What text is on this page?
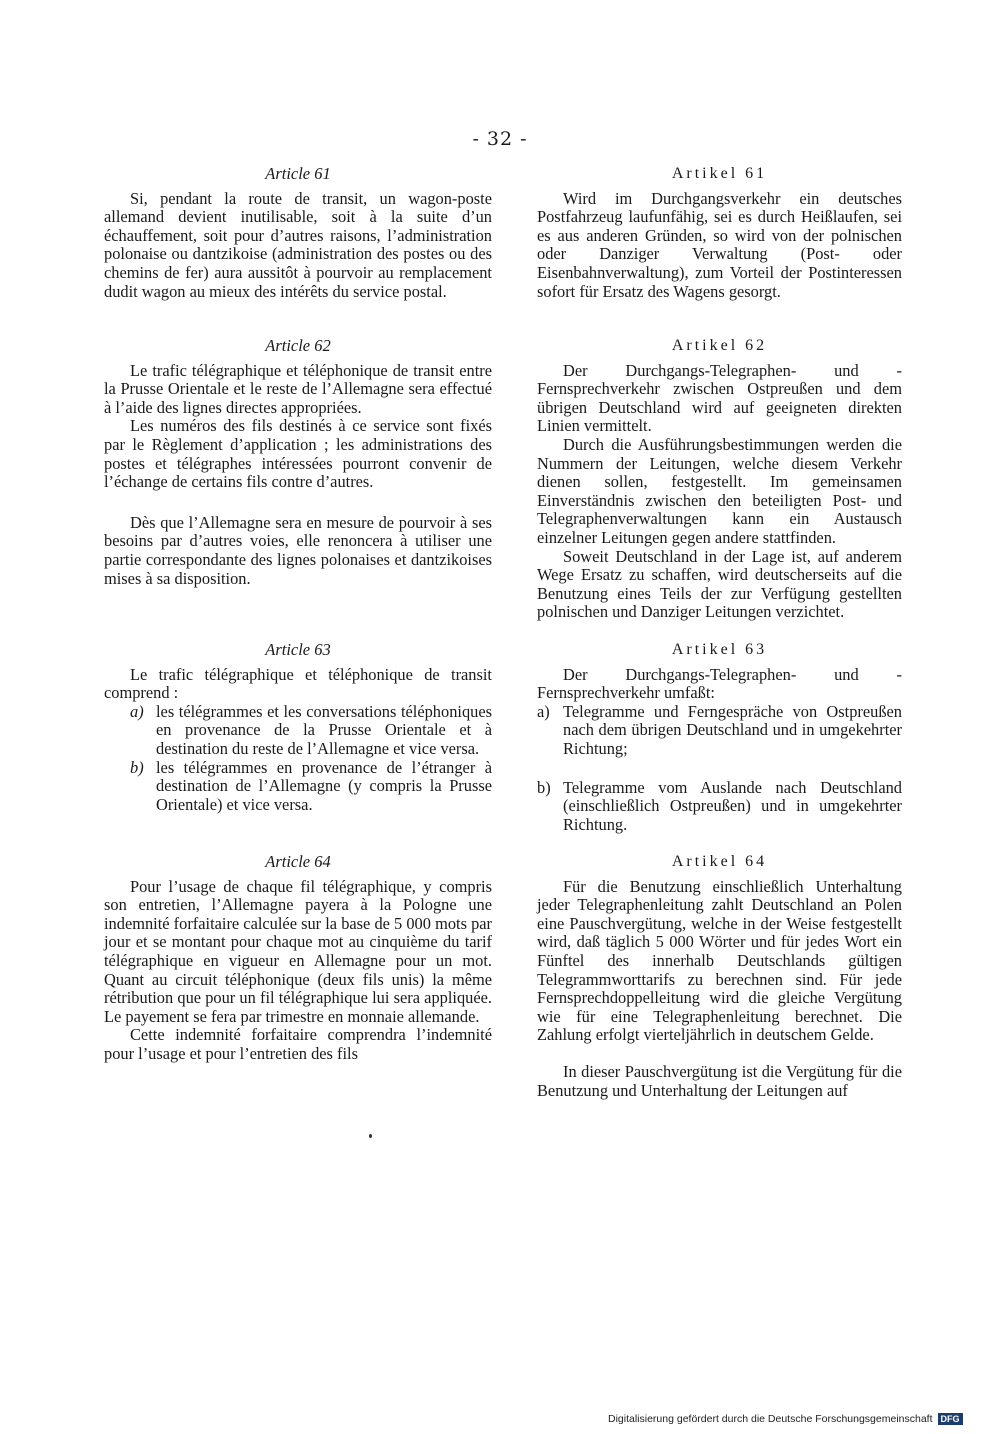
- 32 -
Article 61

Si, pendant la route de transit, un wagon-poste allemand devient inutilisable, soit à la suite d’un échauffement, soit pour d’autres raisons, l’administration polonaise ou dantzikoise (administration des postes ou des chemins de fer) aura aussitôt à pourvoir au remplacement dudit wagon au mieux des intérêts du service postal.

Article 62

Le trafic télégraphique et téléphonique de transit entre la Prusse Orientale et le reste de l’Allemagne sera effectué à l’aide des lignes directes appropriées.

Les numéros des fils destinés à ce service sont fixés par le Règlement d’application ; les administrations des postes et télégraphes intéressées pourront convenir de l’échange de certains fils contre d’autres.

Dès que l’Allemagne sera en mesure de pourvoir à ses besoins par d’autres voies, elle renoncera à utiliser une partie correspondante des lignes polonaises et dantzikoises mises à sa disposition.

Article 63

Le trafic télégraphique et téléphonique de transit comprend :

a) les télégrammes et les conversations téléphoniques en provenance de la Prusse Orientale et à destination du reste de l’Allemagne et vice versa.
b) les télégrammes en provenance de l’étranger à destination de l’Allemagne (y compris la Prusse Orientale) et vice versa.
Article 64

Pour l’usage de chaque fil télégraphique, y compris son entretien, l’Allemagne payera à la Pologne une indemnité forfaitaire calculée sur la base de 5 000 mots par jour et se montant pour chaque mot au cinquième du tarif télégraphique en vigueur en Allemagne pour un mot. Quant au circuit téléphonique (deux fils unis) la même rétribution que pour un fil télégraphique lui sera appliquée. Le payement se fera par trimestre en monnaie allemande.

Cette indemnité forfaitaire comprendra l’indemnité pour l’usage et pour l’entretien des fils

Artikel 61

Wird im Durchgangsverkehr ein deutsches Postfahrzeug laufunfähig, sei es durch Heißlaufen, sei es aus anderen Gründen, so wird von der polnischen oder Danziger Verwaltung (Post- oder Eisenbahnverwaltung), zum Vorteil der Postinteressen sofort für Ersatz des Wagens gesorgt.

Artikel 62

Der Durchgangs-Telegraphen- und -Fernsprechverkehr zwischen Ostpreußen und dem übrigen Deutschland wird auf geeigneten direkten Linien vermittelt.

Durch die Ausführungsbestimmungen werden die Nummern der Leitungen, welche diesem Verkehr dienen sollen, festgestellt. Im gemeinsamen Einverständnis zwischen den beteiligten Post- und Telegraphenverwaltungen kann ein Austausch einzelner Leitungen gegen andere stattfinden.

Soweit Deutschland in der Lage ist, auf anderem Wege Ersatz zu schaffen, wird deutscherseits auf die Benutzung eines Teils der zur Verfügung gestellten polnischen und Danziger Leitungen verzichtet.

Artikel 63

Der Durchgangs-Telegraphen- und -Fernsprechverkehr umfaßt:

a) Telegramme und Ferngespräche von Ostpreußen nach dem übrigen Deutschland und in umgekehrter Richtung;
b) Telegramme vom Auslande nach Deutschland (einschließlich Ostpreußen) und in umgekehrter Richtung.
Artikel 64

Für die Benutzung einschließlich Unterhaltung jeder Telegraphenleitung zahlt Deutschland an Polen eine Pauschvergütung, welche in der Weise festgestellt wird, daß täglich 5 000 Wörter und für jedes Wort ein Fünftel des innerhalb Deutschlands gültigen Telegrammworttarifs zu berechnen sind. Für jede Fernsprechdoppelleitung wird die gleiche Vergütung wie für eine Telegraphenleitung berechnet. Die Zahlung erfolgt vierteljährlich in deutschem Gelde.

In dieser Pauschvergütung ist die Vergütung für die Benutzung und Unterhaltung der Leitungen auf

Digitalisierung gefördert durch die Deutsche Forschungsgemeinschaft DFG
